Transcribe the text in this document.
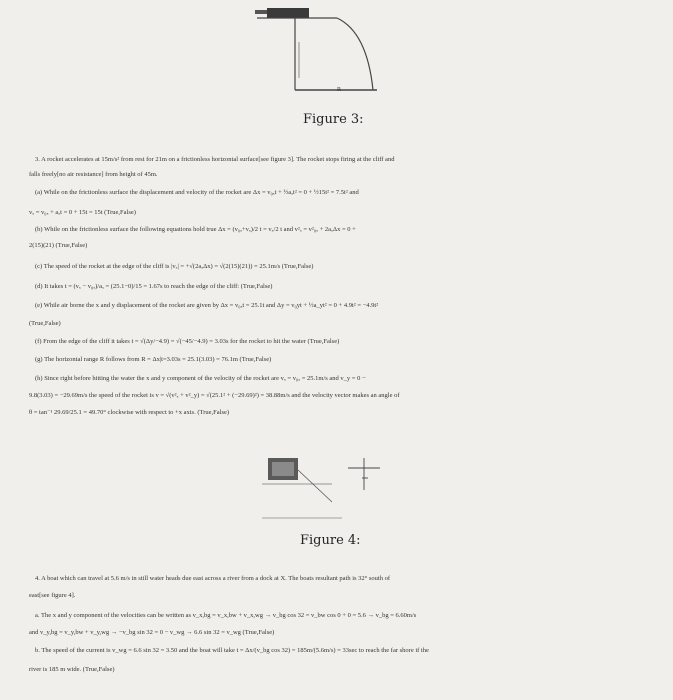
R
Figure 3:
3. A rocket accelerates at 15m/s² from rest for 21m on a frictionless horizontal surface[see figure 3]. The rocket stops firing at the cliff and
falls freely[no air resistance] from height of 45m.
(a) While on the frictionless surface the displacement and velocity of the rocket are Δx = v₀ₓt + ½aₓt² = 0 + ½15t² = 7.5t² and
vₓ = v₀ₓ + aₓt = 0 + 15t = 15t (True,False)
(b) While on the frictionless surface the following equations hold true Δx = (v₀ₓ+vₓ)/2 t = vₓ/2 t and v²ₓ = v²₀ₓ + 2aₓΔx = 0 +
2(15)(21) (True,False)
(c) The speed of the rocket at the edge of the cliff is |vₓ| = +√(2aₓΔx) = √(2(15)(21)) = 25.1m/s (True,False)
(d) It takes t = (vₓ − v₀ₓ)/aₓ = (25.1−0)/15 = 1.67s to reach the edge of the cliff: (True,False)
(e) While air borne the x and y displacement of the rocket are given by Δx = v₀ₓt = 25.1t and Δy = v₀yt + ½a_yt² = 0 + 4.9t² = −4.9t²
(True,False)
(f) From the edge of the cliff it takes t = √(Δy/−4.9) = √(−45/−4.9) = 3.03s for the rocket to hit the water (True,False)
(g) The horizontal range R follows from R = Δx|t=3.03s = 25.1(3.03) = 76.1m (True,False)
(h) Since right before hitting the water the x and y component of the velocity of the rocket are vₓ = v₀ₓ = 25.1m/s and v_y = 0 −
9.8(3.03) = −29.69m/s the speed of the rocket is v = √(v²ₓ + v²_y) = √(25.1² + (−29.69)²) = 38.88m/s and the velocity vector makes an angle of
θ = tan⁻¹ 29.69/25.1 = 49.70° clockwise with respect to +x axis. (True,False)
Figure 4:
4. A boat which can travel at 5.6 m/s in still water heads due east across a river from a dock at X. The boats resultant path is 32° south of
east[see figure 4].
a. The x and y component of the velocities can be written as v_x,bg = v_x,bw + v_x,wg → v_bg cos 32 = v_bw cos 0 + 0 = 5.6 → v_bg = 6.60m/s
and v_y,bg = v_y,bw + v_y,wg → −v_bg sin 32 = 0 − v_wg → 6.6 sin 32 = v_wg (True,False)
b. The speed of the current is v_wg = 6.6 sin 32 = 3.50 and the boat will take t = Δx/(v_bg cos 32) = 185m/(5.6m/s) = 33sec to reach the far shore if the
river is 185 m wide. (True,False)
